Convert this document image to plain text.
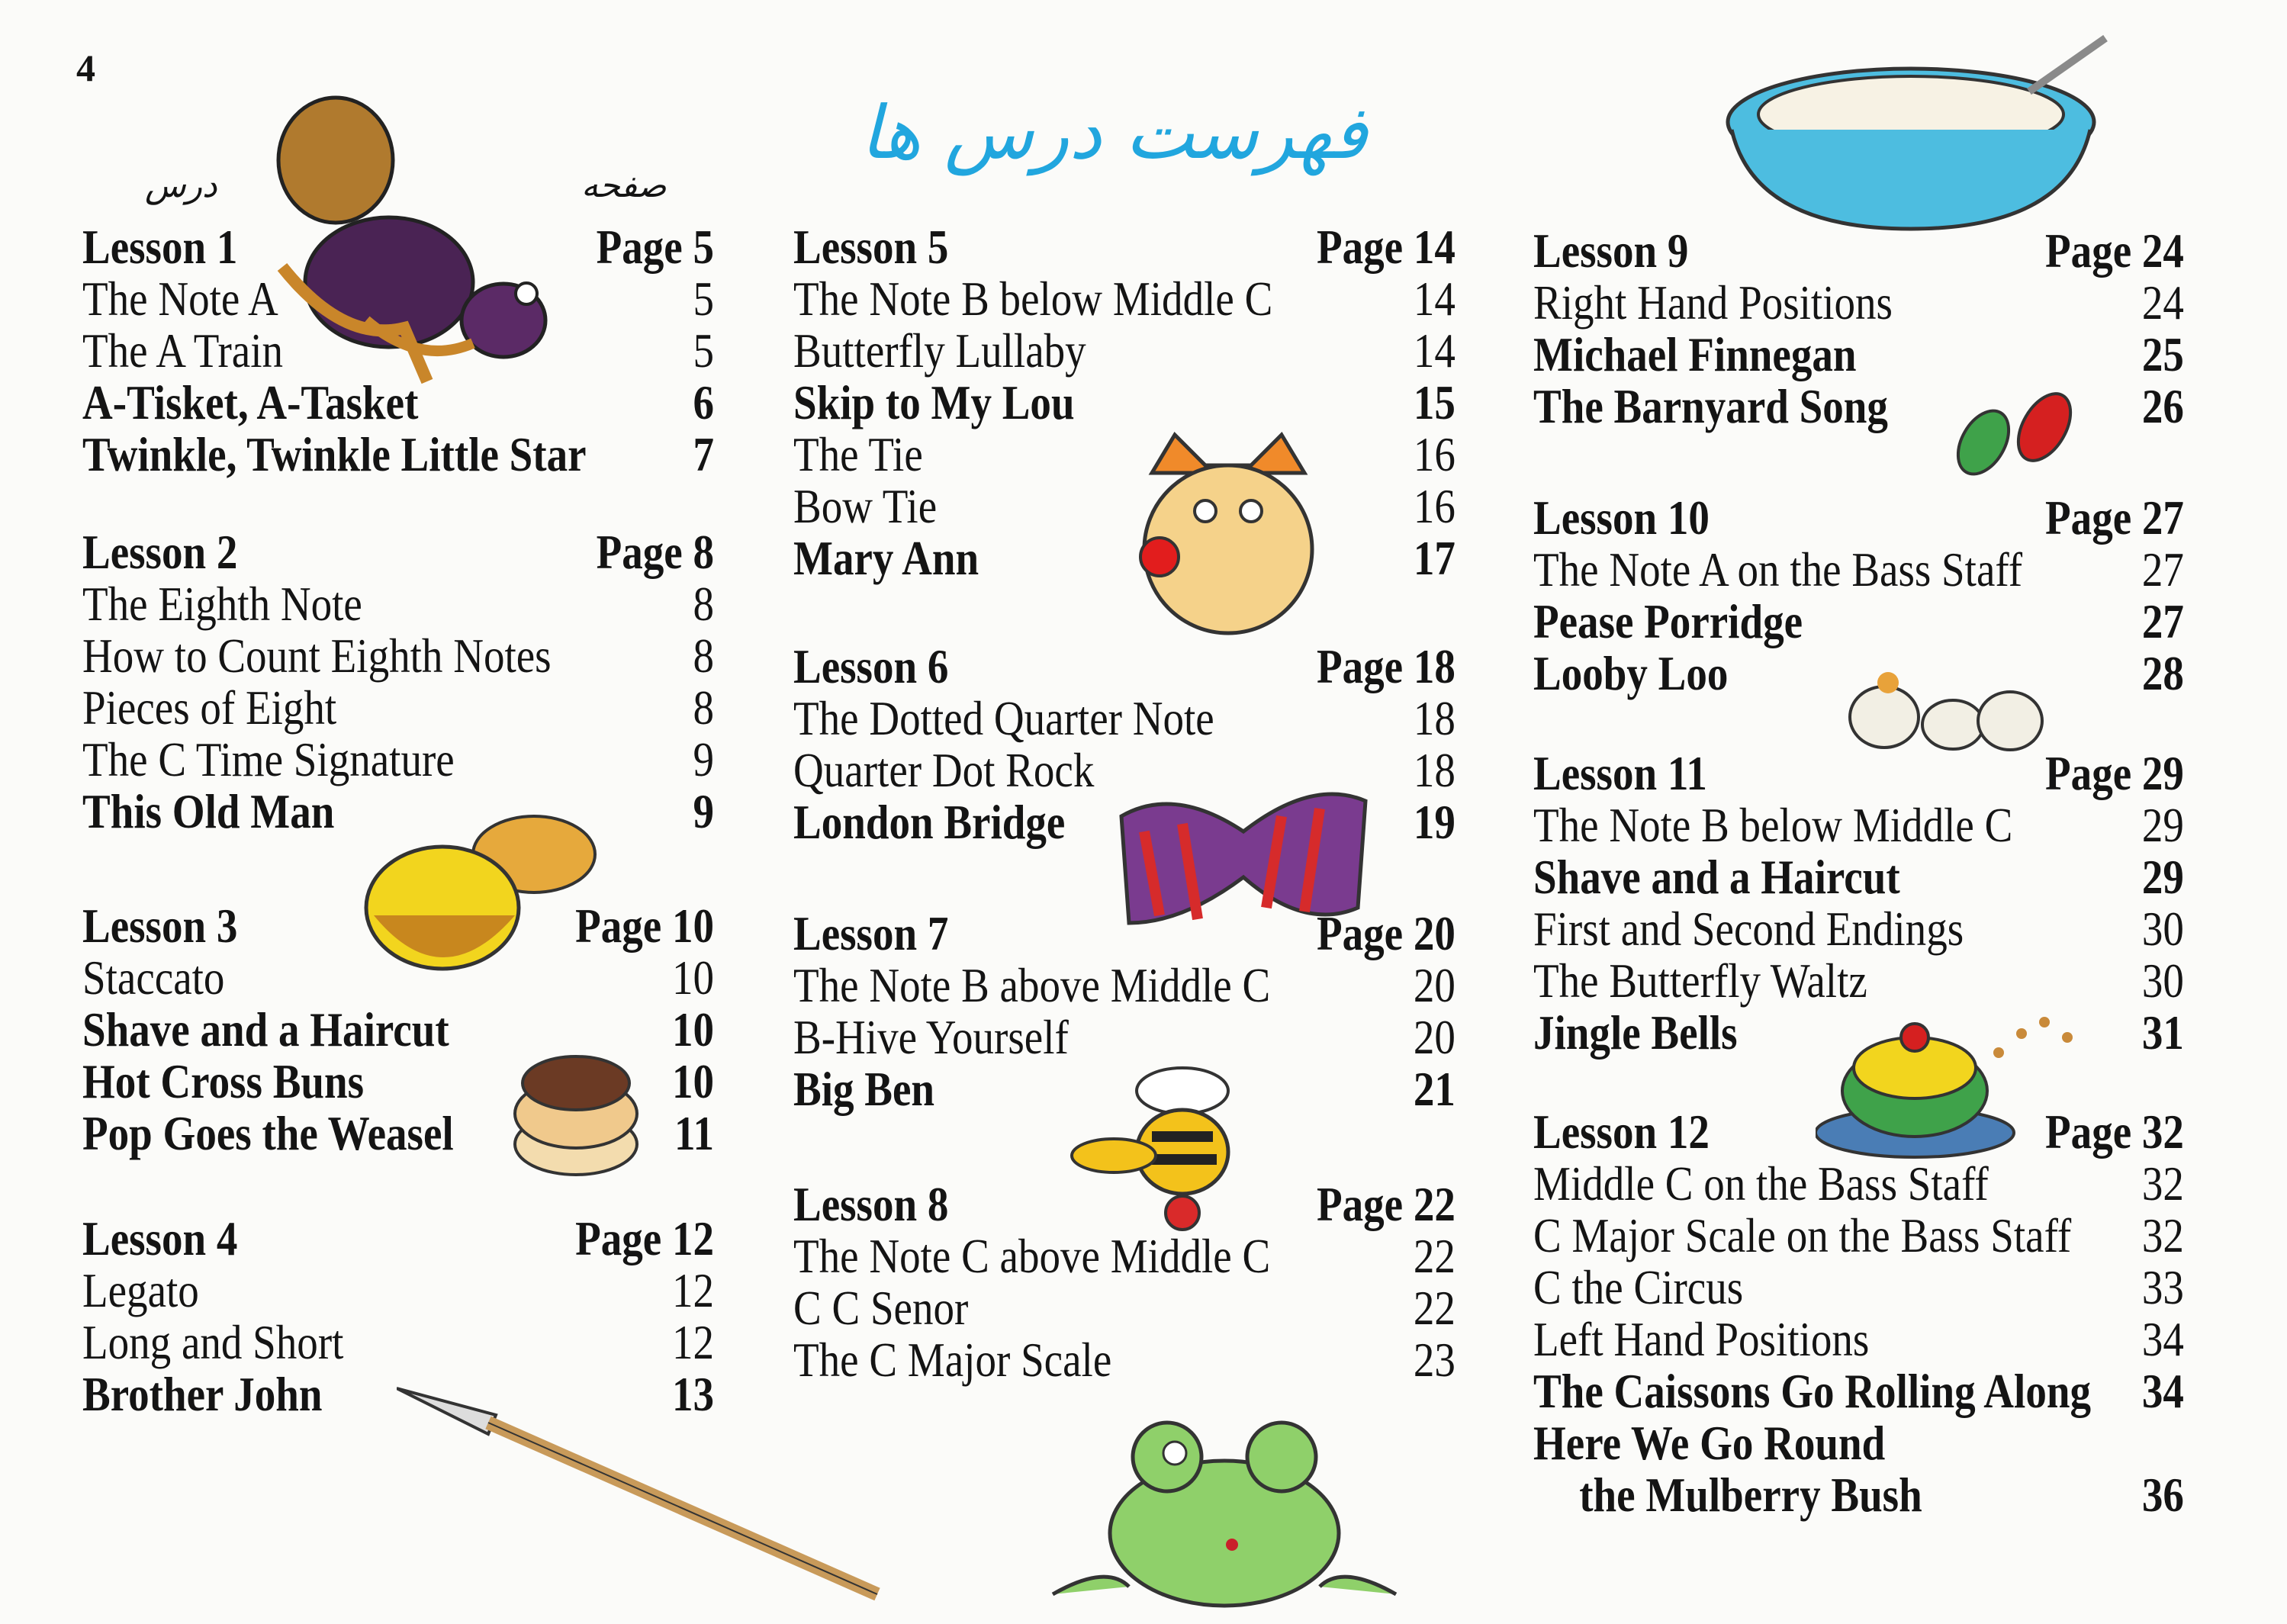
4
فهرست درس ها
درس	صفحه
Lesson 1	Page 5
The Note A	5
The A Train	5
A-Tisket, A-Tasket	6
Twinkle, Twinkle Little Star 7
Lesson 2	Page 8
The Eighth Note	8
How to Count Eighth Notes	8
Pieces of Eight	8
The C Time Signature	9
This Old Man	9
Lesson 3	Page 10
Staccato	10
Shave and a Haircut	10
Hot Cross Buns	10
Pop Goes the Weasel	11
Lesson 4	Page 12
Legato	12
Long and Short	12
Brother John	13
Lesson 5	Page 14
The Note B below Middle C	14
Butterfly Lullaby	14
Skip to My Lou	15
The Tie	16
Bow Tie	16
Mary Ann	17
Lesson 6	Page 18
The Dotted Quarter Note	18
Quarter Dot Rock	18
London Bridge	19
Lesson 7	Page 20
The Note B above Middle C	20
B-Hive Yourself	20
Big Ben	21
Lesson 8	Page 22
The Note C above Middle C	22
C C Senor	22
The C Major Scale	23
Lesson 9	Page 24
Right Hand Positions	24
Michael Finnegan	25
The Barnyard Song	26
Lesson 10	Page 27
The Note A on the Bass Staff 27
Pease Porridge	27
Looby Loo	28
Lesson 11	Page 29
The Note B below Middle C	29
Shave and a Haircut	29
First and Second Endings	30
The Butterfly Waltz	30
Jingle Bells	31
Lesson 12	Page 32
Middle C on the Bass Staff	32
C Major Scale on the Bass Staff 32
C the Circus	33
Left Hand Positions	34
The Caissons Go Rolling Along 34
Here We Go Round
the Mulberry Bush	36
